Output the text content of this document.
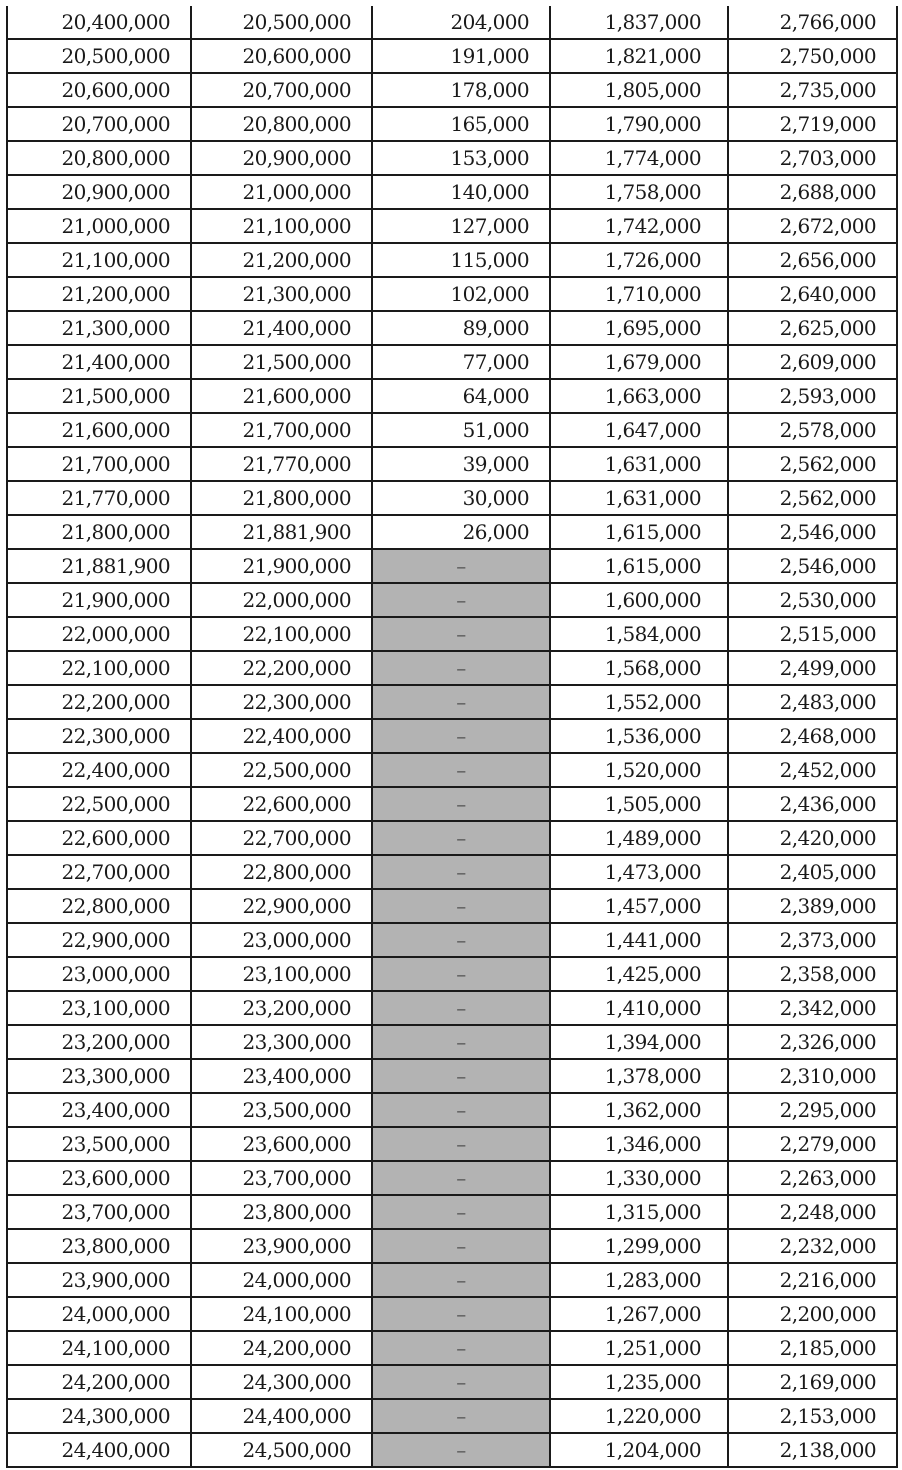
20,400,000	20,500,000	204,000	1,837,000	2,766,000
20,500,000	20,600,000	191,000	1,821,000	2,750,000
20,600,000	20,700,000	178,000	1,805,000	2,735,000
20,700,000	20,800,000	165,000	1,790,000	2,719,000
20,800,000	20,900,000	153,000	1,774,000	2,703,000
20,900,000	21,000,000	140,000	1,758,000	2,688,000
21,000,000	21,100,000	127,000	1,742,000	2,672,000
21,100,000	21,200,000	115,000	1,726,000	2,656,000
21,200,000	21,300,000	102,000	1,710,000	2,640,000
21,300,000	21,400,000	89,000	1,695,000	2,625,000
21,400,000	21,500,000	77,000	1,679,000	2,609,000
21,500,000	21,600,000	64,000	1,663,000	2,593,000
21,600,000	21,700,000	51,000	1,647,000	2,578,000
21,700,000	21,770,000	39,000	1,631,000	2,562,000
21,770,000	21,800,000	30,000	1,631,000	2,562,000
21,800,000	21,881,900	26,000	1,615,000	2,546,000
21,881,900	21,900,000	–	1,615,000	2,546,000
21,900,000	22,000,000	–	1,600,000	2,530,000
22,000,000	22,100,000	–	1,584,000	2,515,000
22,100,000	22,200,000	–	1,568,000	2,499,000
22,200,000	22,300,000	–	1,552,000	2,483,000
22,300,000	22,400,000	–	1,536,000	2,468,000
22,400,000	22,500,000	–	1,520,000	2,452,000
22,500,000	22,600,000	–	1,505,000	2,436,000
22,600,000	22,700,000	–	1,489,000	2,420,000
22,700,000	22,800,000	–	1,473,000	2,405,000
22,800,000	22,900,000	–	1,457,000	2,389,000
22,900,000	23,000,000	–	1,441,000	2,373,000
23,000,000	23,100,000	–	1,425,000	2,358,000
23,100,000	23,200,000	–	1,410,000	2,342,000
23,200,000	23,300,000	–	1,394,000	2,326,000
23,300,000	23,400,000	–	1,378,000	2,310,000
23,400,000	23,500,000	–	1,362,000	2,295,000
23,500,000	23,600,000	–	1,346,000	2,279,000
23,600,000	23,700,000	–	1,330,000	2,263,000
23,700,000	23,800,000	–	1,315,000	2,248,000
23,800,000	23,900,000	–	1,299,000	2,232,000
23,900,000	24,000,000	–	1,283,000	2,216,000
24,000,000	24,100,000	–	1,267,000	2,200,000
24,100,000	24,200,000	–	1,251,000	2,185,000
24,200,000	24,300,000	–	1,235,000	2,169,000
24,300,000	24,400,000	–	1,220,000	2,153,000
24,400,000	24,500,000	–	1,204,000	2,138,000
